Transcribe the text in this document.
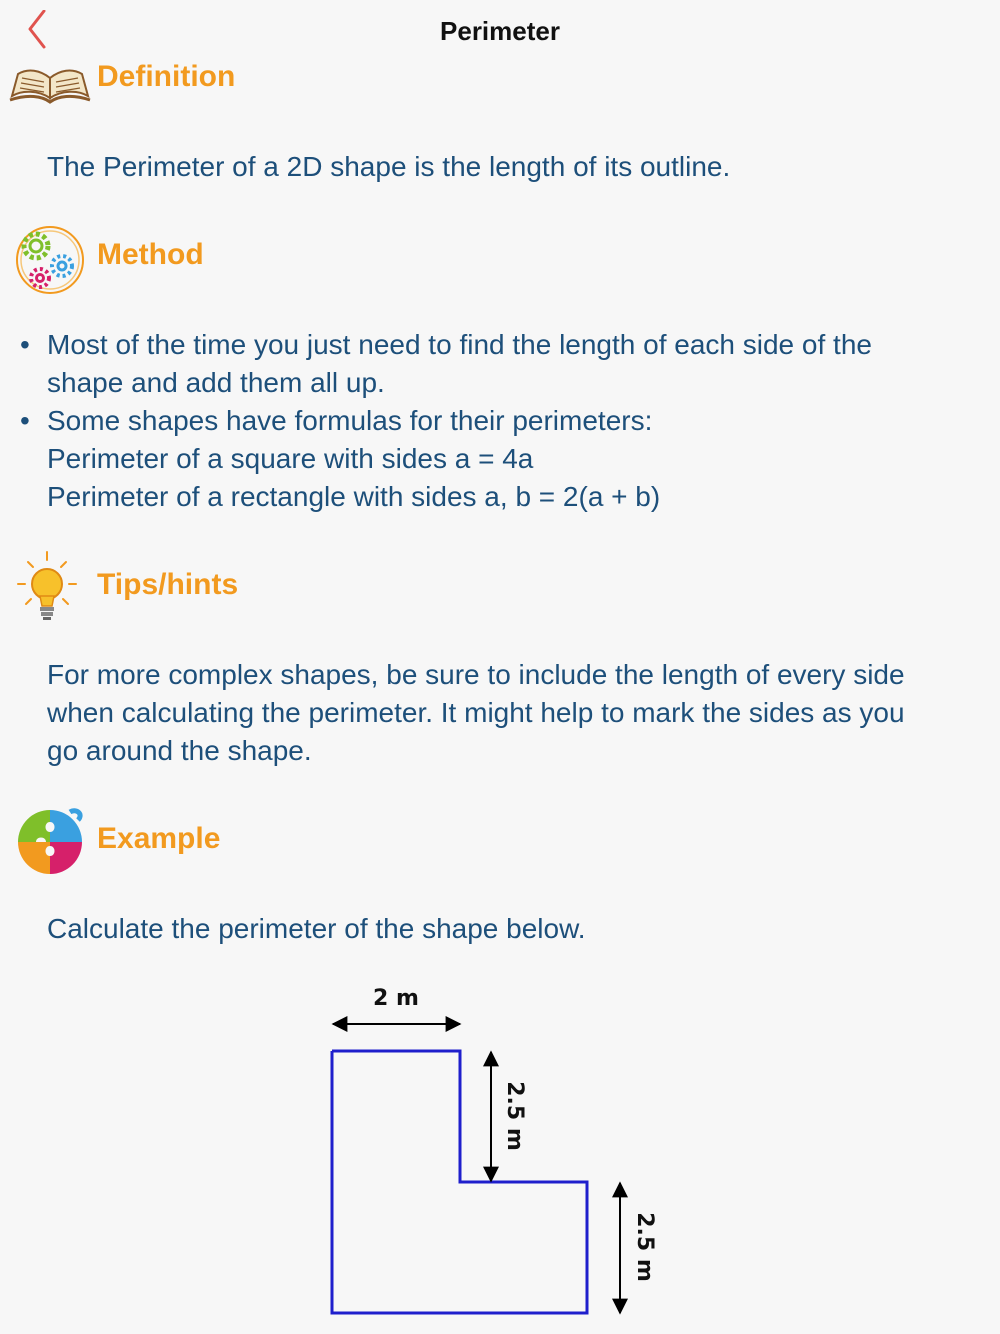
Perimeter
Definition
The Perimeter of a 2D shape is the length of its outline.
Method
• Most of the time you just need to find the length of each side of the
shape and add them all up.
• Some shapes have formulas for their perimeters:
Perimeter of a square with sides a = 4a
Perimeter of a rectangle with sides a, b = 2(a + b)
Tips/hints
For more complex shapes, be sure to include the length of every side
when calculating the perimeter. It might help to mark the sides as you
go around the shape.
Example
Calculate the perimeter of the shape below.
2 m
2.5 m
2.5 m
